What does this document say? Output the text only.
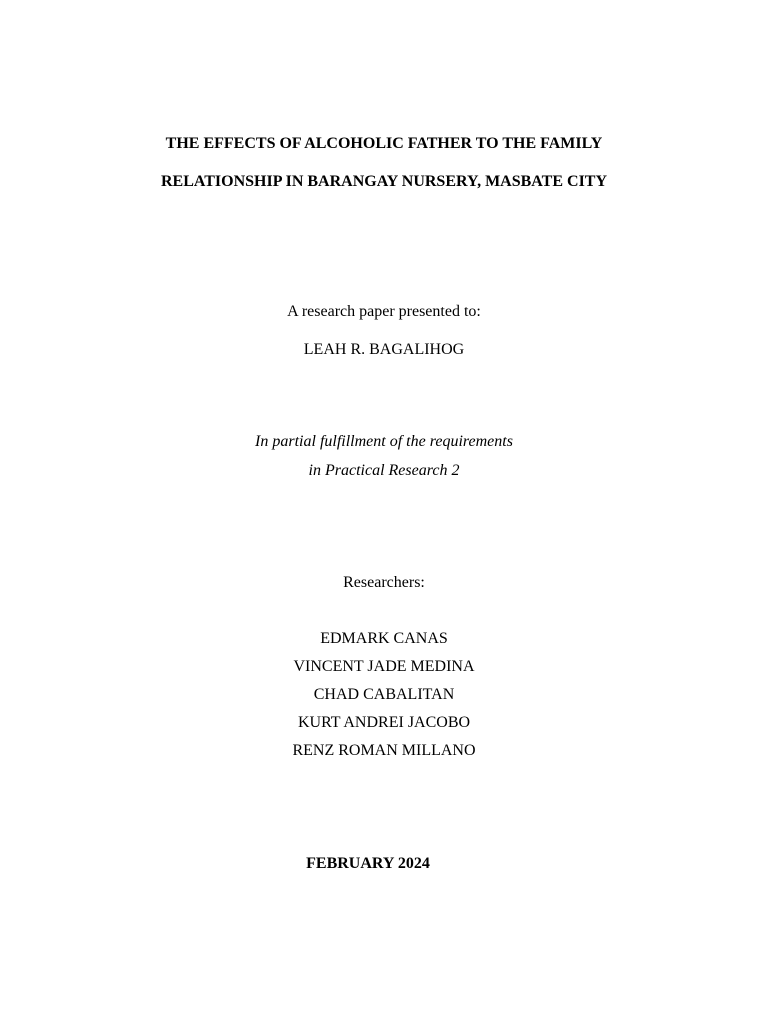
THE EFFECTS OF ALCOHOLIC FATHER TO THE FAMILY
RELATIONSHIP IN BARANGAY NURSERY, MASBATE CITY
A research paper presented to:
LEAH R. BAGALIHOG
In partial fulfillment of the requirements
in Practical Research 2
Researchers:
EDMARK CANAS
VINCENT JADE MEDINA
CHAD CABALITAN
KURT ANDREI JACOBO
RENZ ROMAN MILLANO
FEBRUARY 2024
